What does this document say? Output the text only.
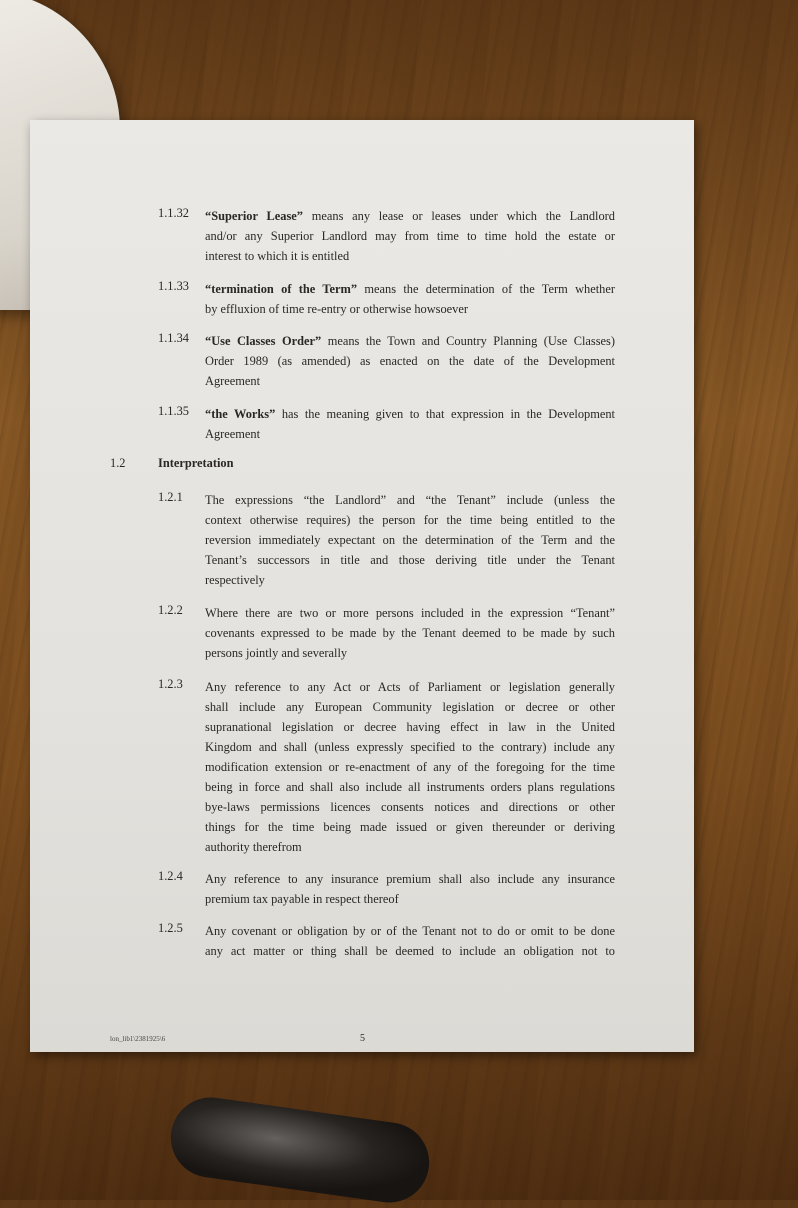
1.1.32 “Superior Lease” means any lease or leases under which the Landlord
and/or any Superior Landlord may from time to time hold the estate or
interest to which it is entitled
1.1.33 “termination of the Term” means the determination of the Term whether
by effluxion of time re-entry or otherwise howsoever
1.1.34 “Use Classes Order” means the Town and Country Planning (Use Classes)
Order 1989 (as amended) as enacted on the date of the Development
Agreement
1.1.35 “the Works” has the meaning given to that expression in the Development
Agreement
1.2	Interpretation
1.2.1 The expressions “the Landlord” and “the Tenant” include (unless the
context otherwise requires) the person for the time being entitled to the
reversion immediately expectant on the determination of the Term and the
Tenant’s successors in title and those deriving title under the Tenant
respectively
1.2.2 Where there are two or more persons included in the expression “Tenant”
covenants expressed to be made by the Tenant deemed to be made by such
persons jointly and severally
1.2.3 Any reference to any Act or Acts of Parliament or legislation generally
shall include any European Community legislation or decree or other
supranational legislation or decree having effect in law in the United
Kingdom and shall (unless expressly specified to the contrary) include any
modification extension or re-enactment of any of the foregoing for the time
being in force and shall also include all instruments orders plans regulations
bye-laws permissions licences consents notices and directions or other
things for the time being made issued or given thereunder or deriving
authority therefrom
1.2.4 Any reference to any insurance premium shall also include any insurance
premium tax payable in respect thereof
1.2.5 Any covenant or obligation by or of the Tenant not to do or omit to be done
any act matter or thing shall be deemed to include an obligation not to
lon_lib1\2381925\6	5
